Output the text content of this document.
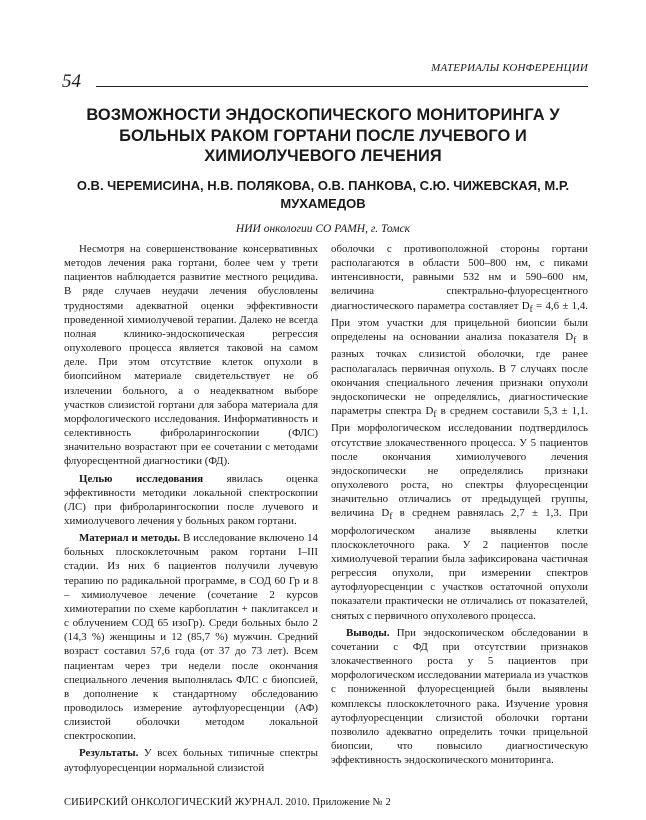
54
МАТЕРИАЛЫ КОНФЕРЕНЦИИ
ВОЗМОЖНОСТИ ЭНДОСКОПИЧЕСКОГО МОНИТОРИНГА У БОЛЬНЫХ РАКОМ ГОРТАНИ ПОСЛЕ ЛУЧЕВОГО И ХИМИОЛУЧЕВОГО ЛЕЧЕНИЯ
О.В. ЧЕРЕМИСИНА, Н.В. ПОЛЯКОВА, О.В. ПАНКОВА, С.Ю. ЧИЖЕВСКАЯ, М.Р. МУХАМЕДОВ
НИИ онкологии СО РАМН, г. Томск

Несмотря на совершенствование консервативных методов лечения рака гортани, более чем у трети пациентов наблюдается развитие местного рецидива. В ряде случаев неудачи лечения обусловлены трудностями адекватной оценки эффективности проведенной химиолучевой терапии. Далеко не всегда полная клинико-эндоскопическая регрессия опухолевого процесса является таковой на самом деле. При этом отсутствие клеток опухоли в биопсийном материале свидетельствует не об излечении больного, а о неадекватном выборе участков слизистой гортани для забора материала для морфологического исследования. Информативность и селективность фиброларингоскопии (ФЛС) значительно возрастают при ее сочетании с методами флуоресцентной диагностики (ФД).

Целью исследования явилась оценка эффективности методики локальной спектроскопии (ЛС) при фиброларингоскопии после лучевого и химиолучевого лечения у больных раком гортани.

Материал и методы. В исследование включено 14 больных плоскоклеточным раком гортани I–III стадии. Из них 6 пациентов получили лучевую терапию по радикальной программе, в СОД 60 Гр и 8 – химиолучевое лечение (сочетание 2 курсов химиотерапии по схеме карбоплатин + паклитаксел и с облучением СОД 65 изоГр). Среди больных было 2 (14,3 %) женщины и 12 (85,7 %) мужчин. Средний возраст составил 57,6 года (от 37 до 73 лет). Всем пациентам через три недели после окончания специального лечения выполнялась ФЛС с биопсией, в дополнение к стандартному обследованию проводилось измерение аутофлуоресценции (АФ) слизистой оболочки методом локальной спектроскопии.

Результаты. У всех больных типичные спектры аутофлуоресценции нормальной слизистой

оболочки с противоположной стороны гортани располагаются в области 500–800 нм, с пиками интенсивности, равными 532 нм и 590–600 нм, величина спектрально-флуоресцентного диагностического параметра составляет $D_f = 4,6 \pm 1,4$. При этом участки для прицельной биопсии были определены на основании анализа показателя $D_f$ в разных точках слизистой оболочки, где ранее располагалась первичная опухоль. В 7 случаях после окончания специального лечения признаки опухоли эндоскопически не определялись, диагностические параметры спектра $D_f$ в среднем составили 5,3 ± 1,1. При морфологическом исследовании подтвердилось отсутствие злокачественного процесса. У 5 пациентов после окончания химиолучевого лечения эндоскопически не определялись признаки опухолевого роста, но спектры флуоресценции значительно отличались от предыдущей группы, величина $D_f$ в среднем равнялась 2,7 ± 1,3. При морфологическом анализе выявлены клетки плоскоклеточного рака. У 2 пациентов после химиолучевой терапии была зафиксирована частичная регрессия опухоли, при измерении спектров аутофлуоресценции с участков остаточной опухоли показатели практически не отличались от показателей, снятых с первичного опухолевого процесса.

Выводы. При эндоскопическом обследовании в сочетании с ФД при отсутствии признаков злокачественного роста у 5 пациентов при морфологическом исследовании материала из участков с пониженной флуоресценцией были выявлены комплексы плоскоклеточного рака. Изучение уровня аутофлуоресценции слизистой оболочки гортани позволило адекватно определить точки прицельной биопсии, что повысило диагностическую эффективность эндоскопического мониторинга.

СИБИРСКИЙ ОНКОЛОГИЧЕСКИЙ ЖУРНАЛ. 2010. Приложение № 2
